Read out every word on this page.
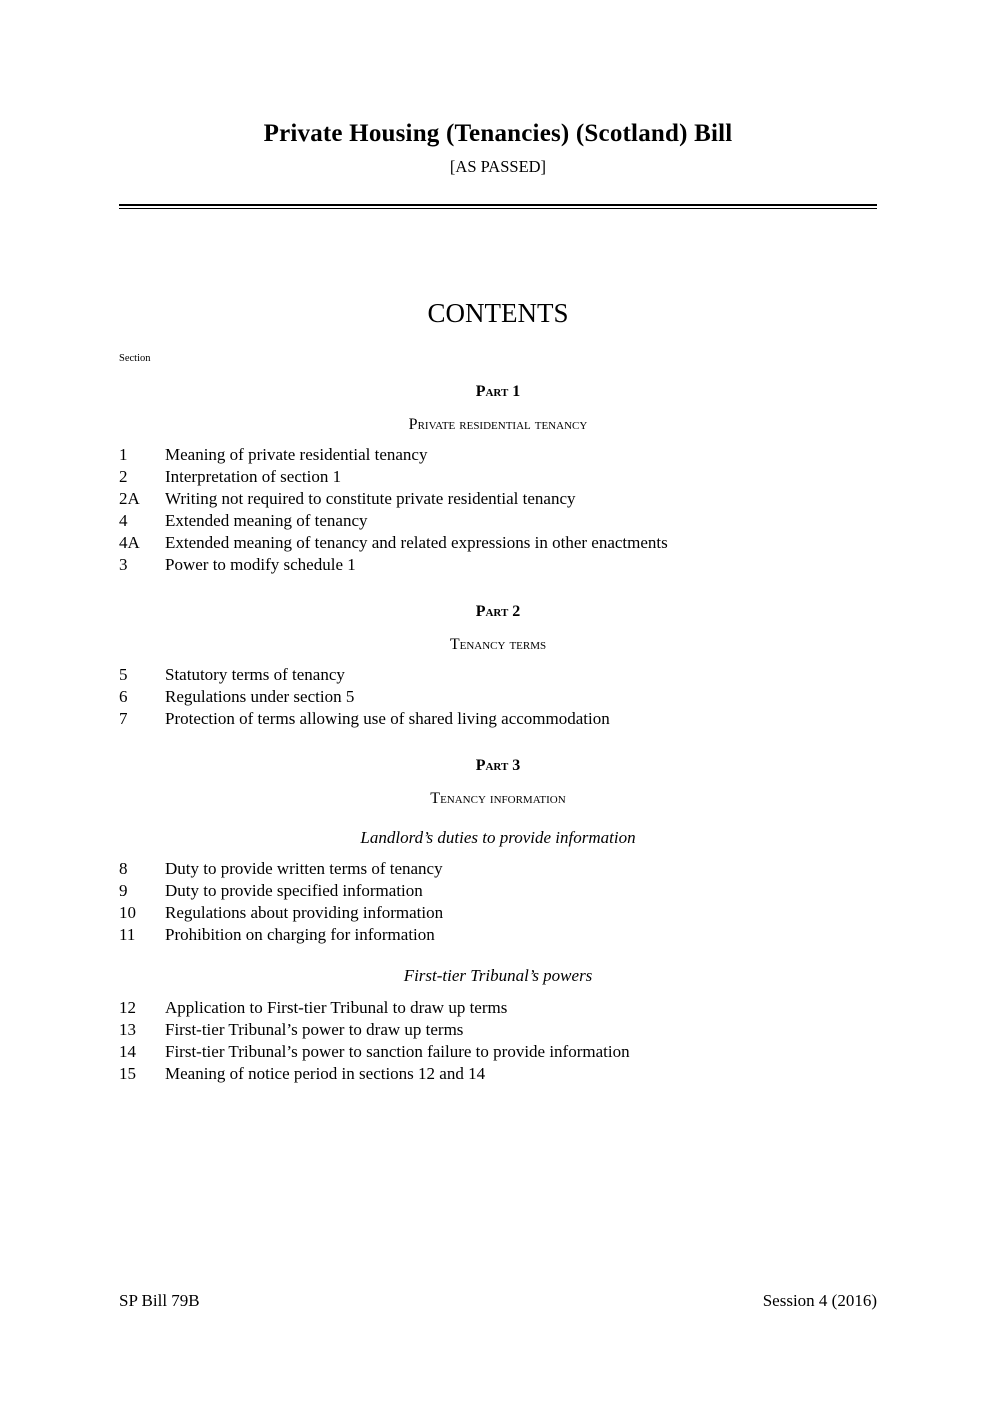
Private Housing (Tenancies) (Scotland) Bill
[AS PASSED]
CONTENTS
Section
Part 1
Private residential tenancy
1	Meaning of private residential tenancy
2	Interpretation of section 1
2A	Writing not required to constitute private residential tenancy
4	Extended meaning of tenancy
4A	Extended meaning of tenancy and related expressions in other enactments
3	Power to modify schedule 1
Part 2
Tenancy terms
5	Statutory terms of tenancy
6	Regulations under section 5
7	Protection of terms allowing use of shared living accommodation
Part 3
Tenancy information
Landlord’s duties to provide information
8	Duty to provide written terms of tenancy
9	Duty to provide specified information
10	Regulations about providing information
11	Prohibition on charging for information
First-tier Tribunal’s powers
12	Application to First-tier Tribunal to draw up terms
13	First-tier Tribunal’s power to draw up terms
14	First-tier Tribunal’s power to sanction failure to provide information
15	Meaning of notice period in sections 12 and 14
SP Bill 79B	Session 4 (2016)
